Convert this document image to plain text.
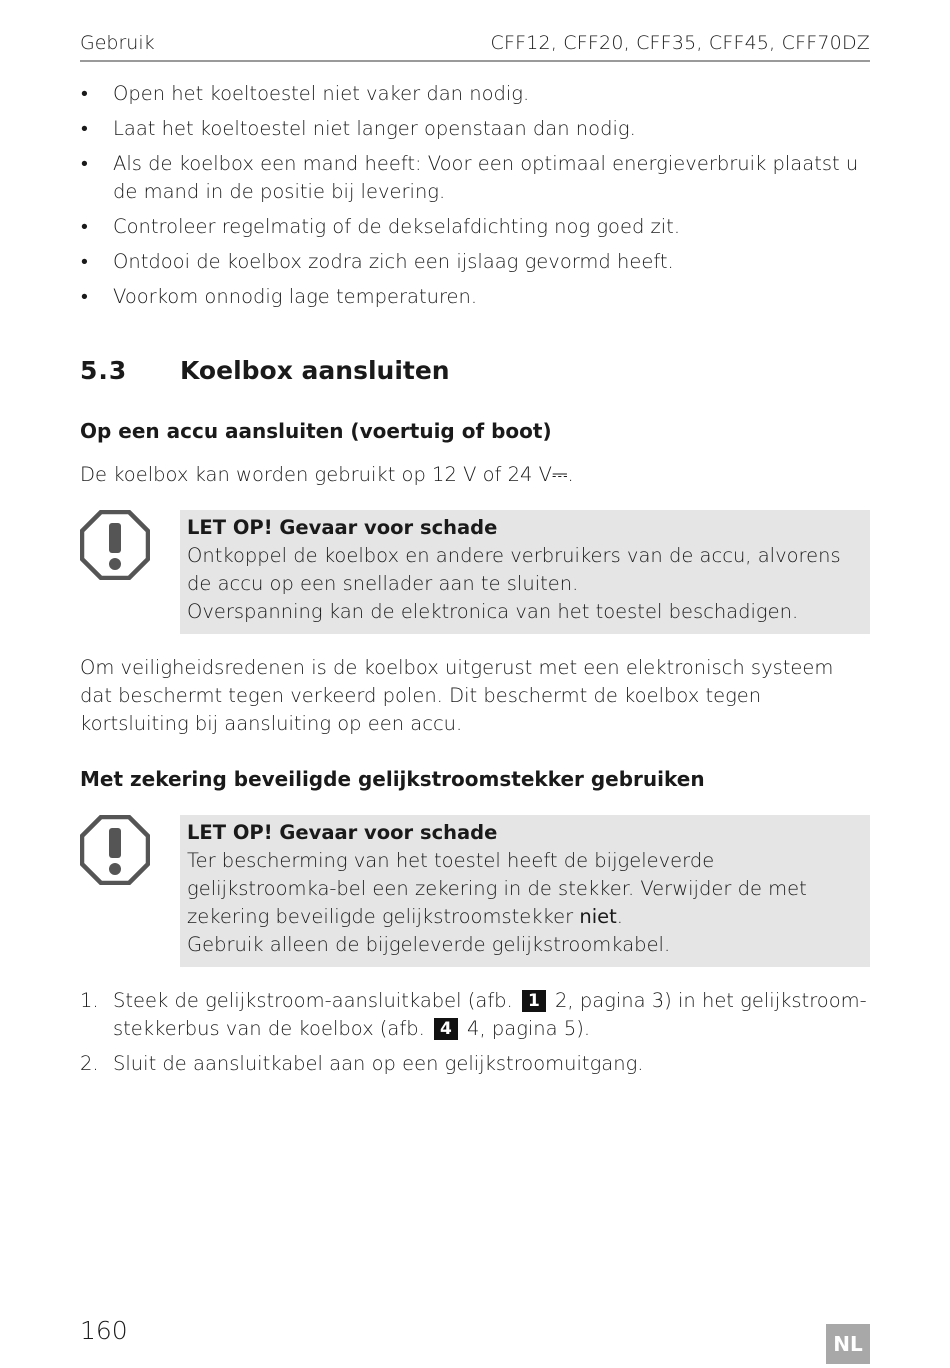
Gebruik	CFF12, CFF20, CFF35, CFF45, CFF70DZ
• Open het koeltoestel niet vaker dan nodig.
• Laat het koeltoestel niet langer openstaan dan nodig.
• Als de koelbox een mand heeft: Voor een optimaal energieverbruik plaatst u de mand in de positie bij levering.
• Controleer regelmatig of de dekselafdichting nog goed zit.
• Ontdooi de koelbox zodra zich een ijslaag gevormd heeft.
• Voorkom onnodig lage temperaturen.
5.3 Koelbox aansluiten
Op een accu aansluiten (voertuig of boot)
De koelbox kan worden gebruikt op 12 V of 24 V⎓.
LET OP! Gevaar voor schade
Ontkoppel de koelbox en andere verbruikers van de accu, alvorens de accu op een snellader aan te sluiten.
Overspanning kan de elektronica van het toestel beschadigen.
Om veiligheidsredenen is de koelbox uitgerust met een elektronisch systeem dat beschermt tegen verkeerd polen. Dit beschermt de koelbox tegen kortsluiting bij aansluiting op een accu.
Met zekering beveiligde gelijkstroomstekker gebruiken
LET OP! Gevaar voor schade
Ter bescherming van het toestel heeft de bijgeleverde gelijkstroomka-bel een zekering in de stekker. Verwijder de met zekering beveiligde gelijkstroomstekker niet.
Gebruik alleen de bijgeleverde gelijkstroomkabel.
1. Steek de gelijkstroom-aansluitkabel (afb. 1 2, pagina 3) in het gelijkstroom-stekkerbus van de koelbox (afb. 4 4, pagina 5).
2. Sluit de aansluitkabel aan op een gelijkstroomuitgang.
160	NL
